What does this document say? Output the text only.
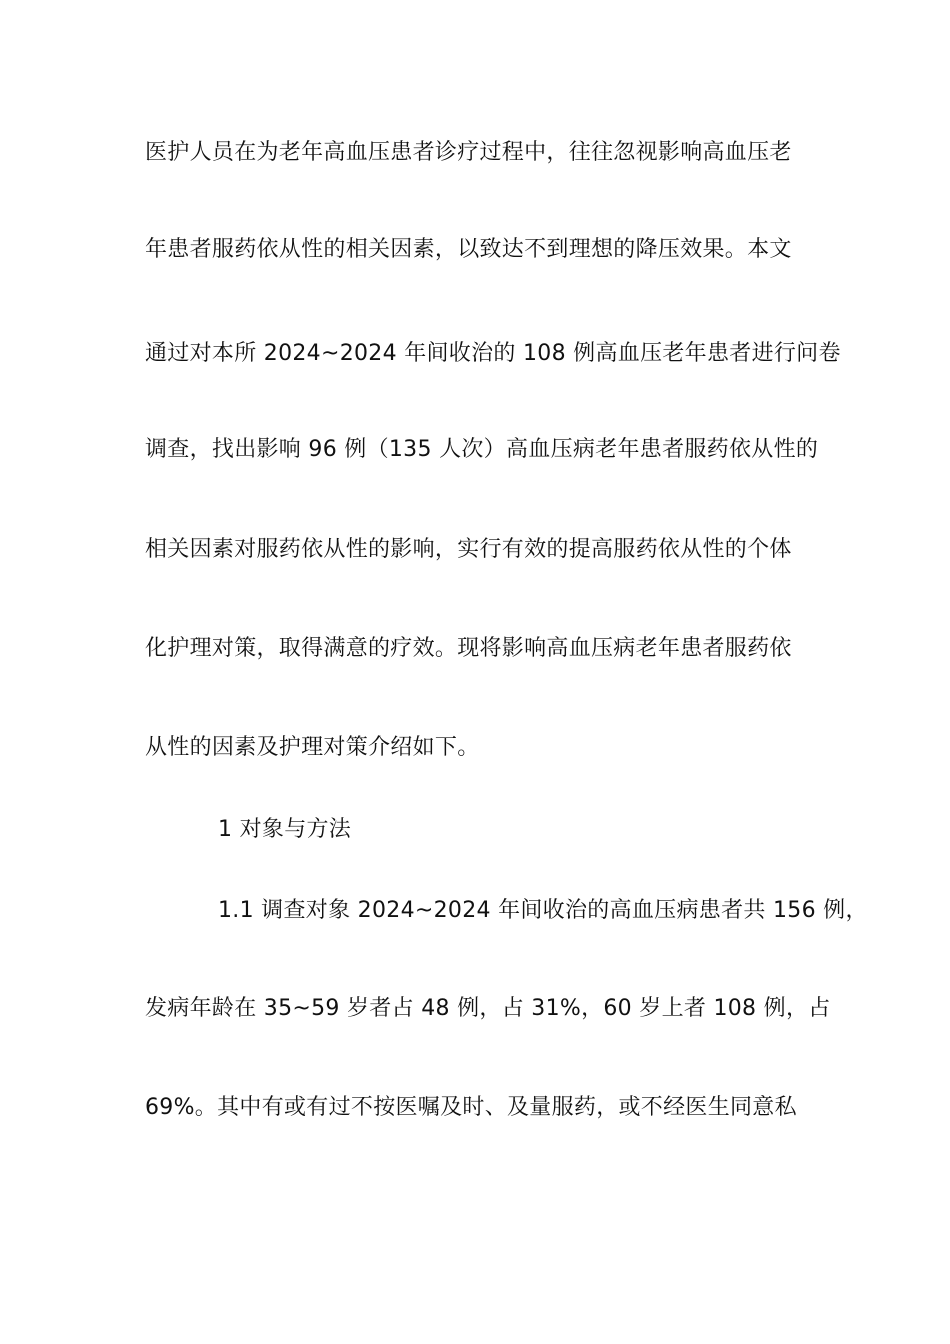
医护人员在为老年高血压患者诊疗过程中，往往忽视影响高血压老
年患者服药依从性的相关因素，以致达不到理想的降压效果。本文
通过对本所 2024~2024 年间收治的 108 例高血压老年患者进行问卷
调查，找出影响 96 例（135 人次）高血压病老年患者服药依从性的
相关因素对服药依从性的影响，实行有效的提高服药依从性的个体
化护理对策，取得满意的疗效。现将影响高血压病老年患者服药依
从性的因素及护理对策介绍如下。
1 对象与方法
1.1 调查对象 2024~2024 年间收治的高血压病患者共 156 例，
发病年龄在 35~59 岁者占 48 例，占 31%，60 岁上者 108 例，占
69%。其中有或有过不按医嘱及时、及量服药，或不经医生同意私
